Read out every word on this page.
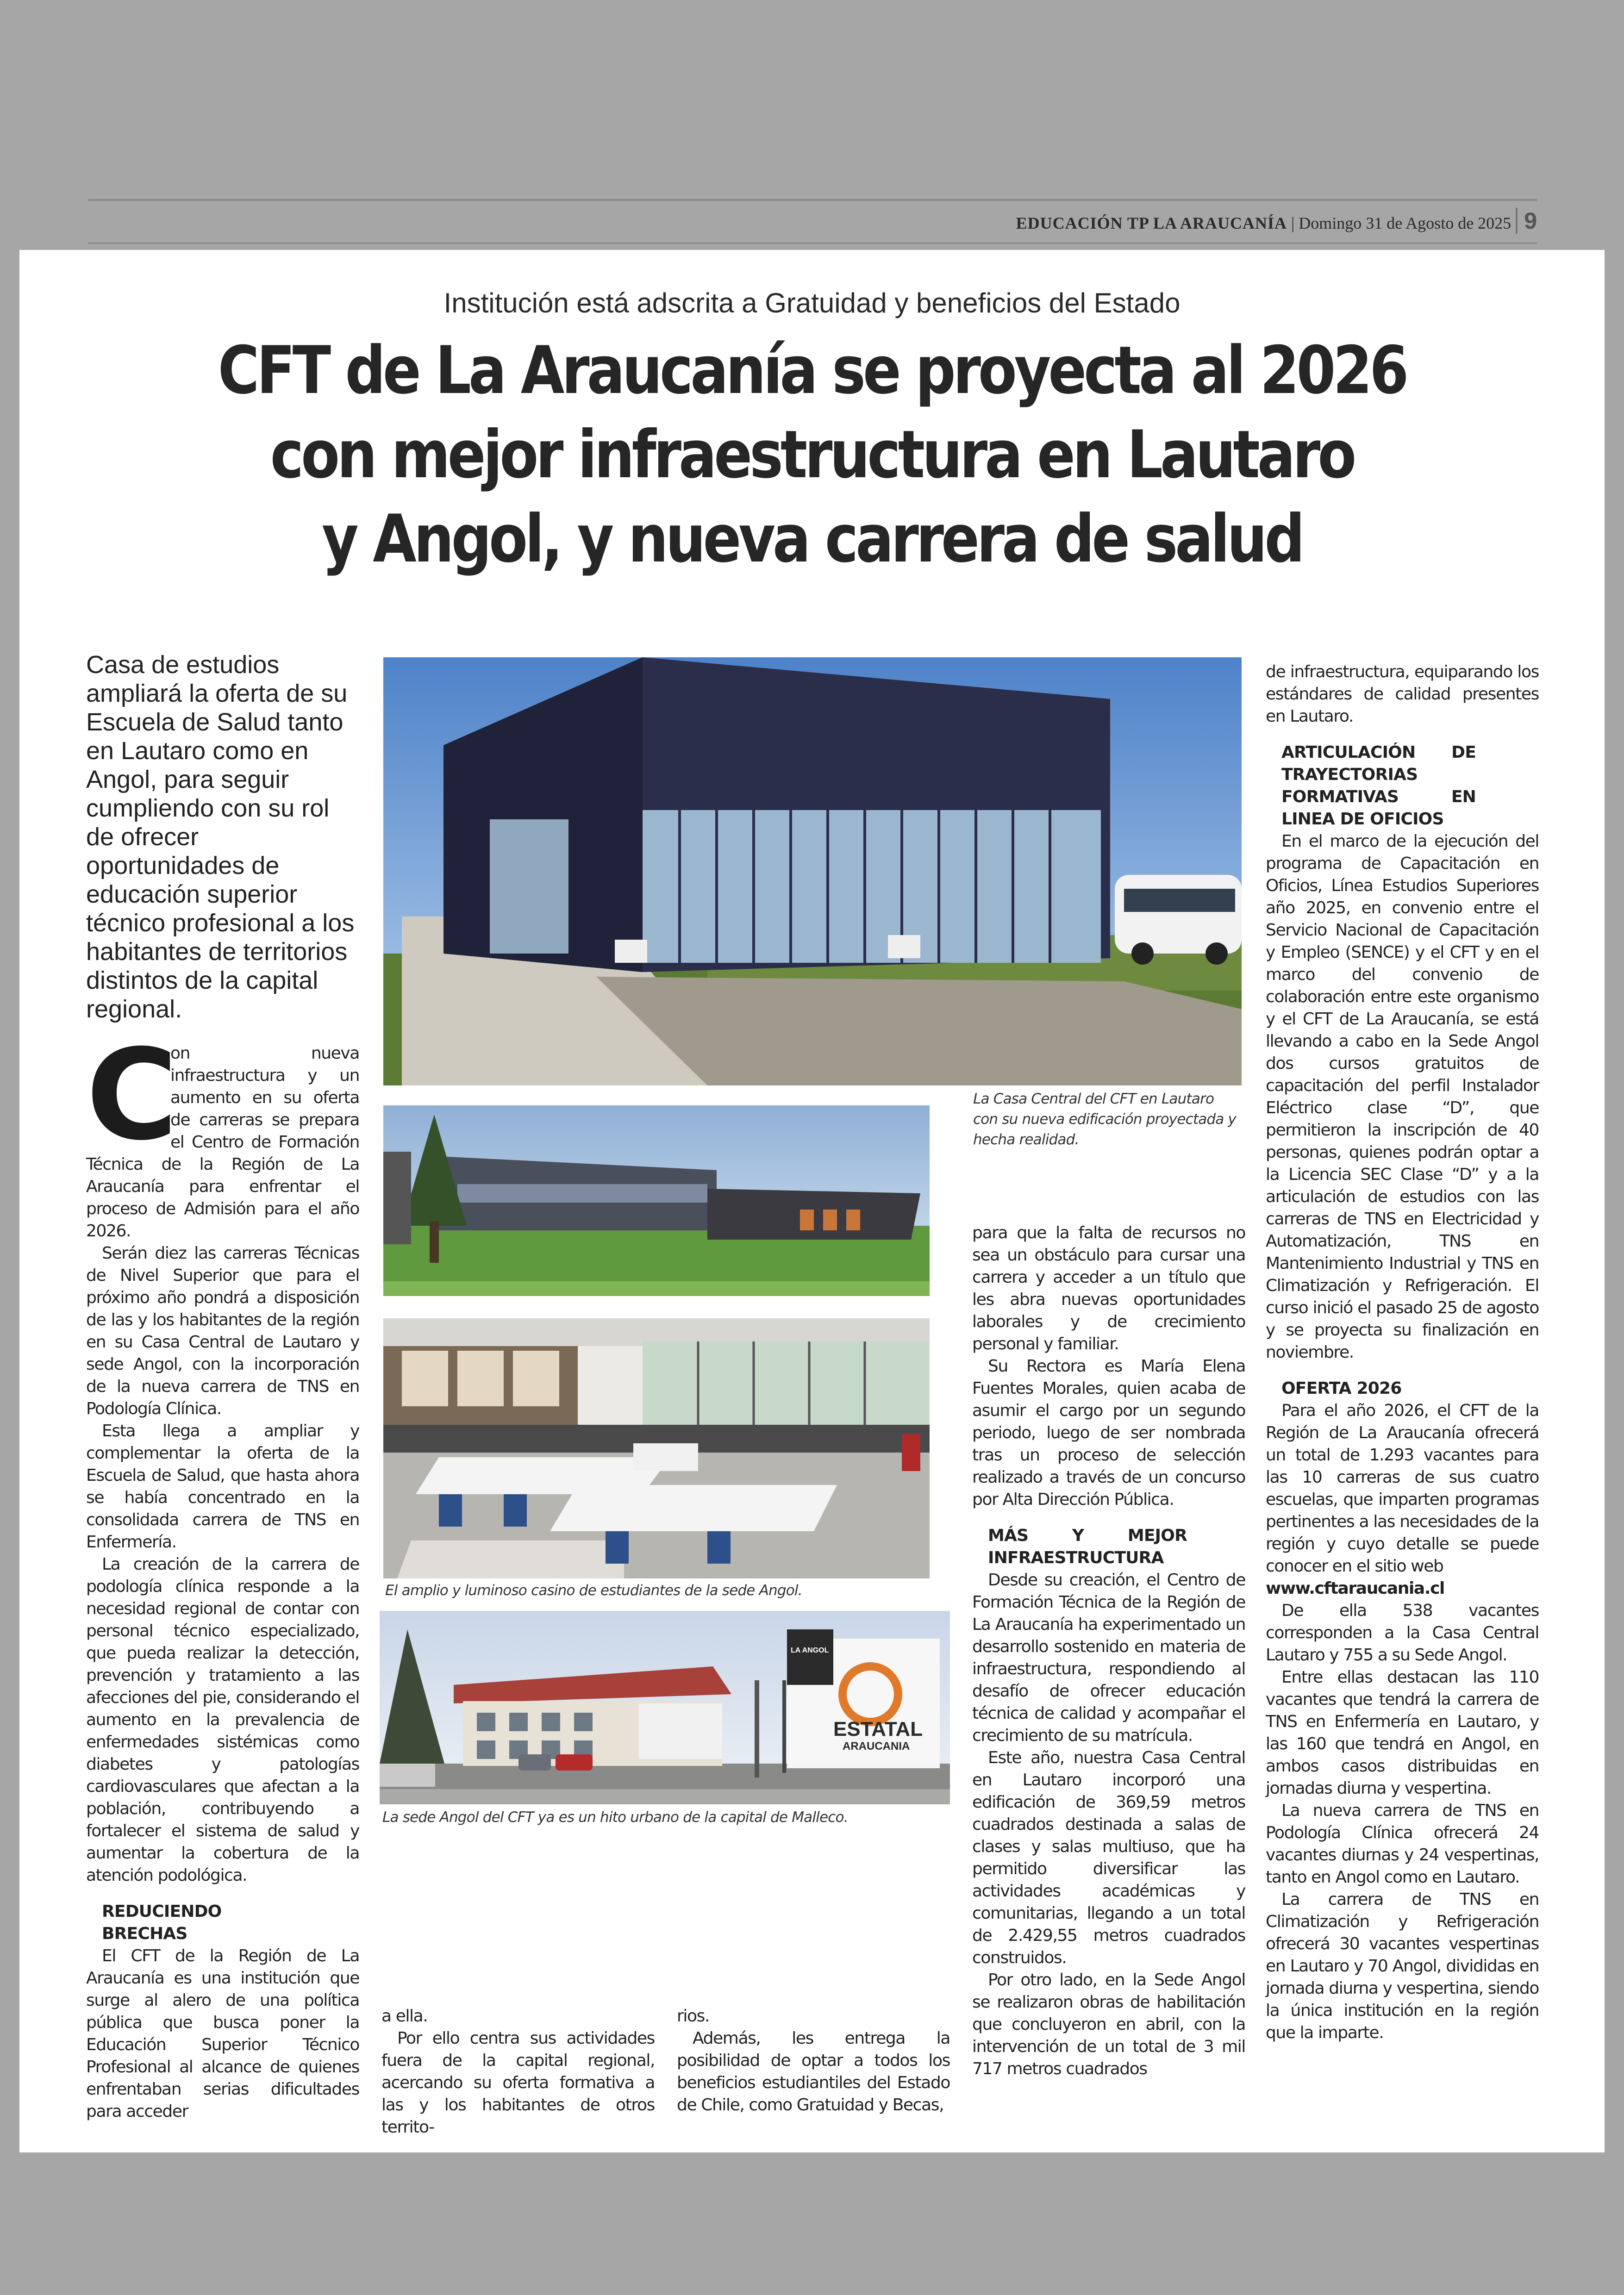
EDUCACIÓN TP LA ARAUCANÍA | Domingo 31 de Agosto de 2025 9
Institución está adscrita a Gratuidad y beneficios del Estado
CFT de La Araucanía se proyecta al 2026
con mejor infraestructura en Lautaro
y Angol, y nueva carrera de salud
Casa de estudios ampliará la oferta de su Escuela de Salud tanto en Lautaro como en Angol, para seguir cumpliendo con su rol de ofrecer oportunidades de educación superior técnico profesional a los habitantes de territorios distintos de la capital regional.
C

on nueva infraestructura y un aumento en su oferta de carreras se prepara el Centro de Formación Técnica de la Región de La Araucanía para enfrentar el proceso de Admisión para el año 2026.

Serán diez las carreras Técnicas de Nivel Superior que para el próximo año pondrá a disposición de las y los habitantes de la región en su Casa Central de Lautaro y sede Angol, con la incorporación de la nueva carrera de TNS en Podología Clínica.

Esta llega a ampliar y complementar la oferta de la Escuela de Salud, que hasta ahora se había concentrado en la consolidada carrera de TNS en Enfermería.

La creación de la carrera de podología clínica responde a la necesidad regional de contar con personal técnico especializado, que pueda realizar la detección, prevención y tratamiento a las afecciones del pie, considerando el aumento en la prevalencia de enfermedades sistémicas como diabetes y patologías cardiovasculares que afectan a la población, contribuyendo a fortalecer el sistema de salud y aumentar la cobertura de la atención podológica.

REDUCIENDO BRECHAS

El CFT de la Región de La Araucanía es una institución que surge al alero de una política pública que busca poner la Educación Superior Técnico Profesional al alcance de quienes enfrentaban serias dificultades para acceder

a ella.

Por ello centra sus actividades fuera de la capital regional, acercando su oferta formativa a las y los habitantes de otros territo-

rios.

Además, les entrega la posibilidad de optar a todos los beneficios estudiantiles del Estado de Chile, como Gratuidad y Becas,

para que la falta de recursos no sea un obstáculo para cursar una carrera y acceder a un título que les abra nuevas oportunidades laborales y de crecimiento personal y familiar.

Su Rectora es María Elena Fuentes Morales, quien acaba de asumir el cargo por un segundo periodo, luego de ser nombrada tras un proceso de selección realizado a través de un concurso por Alta Dirección Pública.

MÁS Y MEJOR INFRAESTRUCTURA

Desde su creación, el Centro de Formación Técnica de la Región de La Araucanía ha experimentado un desarrollo sostenido en materia de infraestructura, respondiendo al desafío de ofrecer educación técnica de calidad y acompañar el crecimiento de su matrícula.

Este año, nuestra Casa Central en Lautaro incorporó una edificación de 369,59 metros cuadrados destinada a salas de clases y salas multiuso, que ha permitido diversificar las actividades académicas y comunitarias, llegando a un total de 2.429,55 metros cuadrados construidos.

Por otro lado, en la Sede Angol se realizaron obras de habilitación que concluyeron en abril, con la intervención de un total de 3 mil 717 metros cuadrados

de infraestructura, equiparando los estándares de calidad presentes en Lautaro.

ARTICULACIÓN DE TRAYECTORIAS FORMATIVAS EN LINEA DE OFICIOS

En el marco de la ejecución del programa de Capacitación en Oficios, Línea Estudios Superiores año 2025, en convenio entre el Servicio Nacional de Capacitación y Empleo (SENCE) y el CFT y en el marco del convenio de colaboración entre este organismo y el CFT de La Araucanía, se está llevando a cabo en la Sede Angol dos cursos gratuitos de capacitación del perfil Instalador Eléctrico clase “D”, que permitieron la inscripción de 40 personas, quienes podrán optar a la Licencia SEC Clase “D” y a la articulación de estudios con las carreras de TNS en Electricidad y Automatización, TNS en Mantenimiento Industrial y TNS en Climatización y Refrigeración. El curso inició el pasado 25 de agosto y se proyecta su finalización en noviembre.

OFERTA 2026

Para el año 2026, el CFT de la Región de La Araucanía ofrecerá un total de 1.293 vacantes para las 10 carreras de sus cuatro escuelas, que imparten programas pertinentes a las necesidades de la región y cuyo detalle se puede conocer en el sitio web

www.cftaraucania.cl

De ella 538 vacantes corresponden a la Casa Central Lautaro y 755 a su Sede Angol.

Entre ellas destacan las 110 vacantes que tendrá la carrera de TNS en Enfermería en Lautaro, y las 160 que tendrá en Angol, en ambos casos distribuidas en jornadas diurna y vespertina.

La nueva carrera de TNS en Podología Clínica ofrecerá 24 vacantes diurnas y 24 vespertinas, tanto en Angol como en Lautaro.

La carrera de TNS en Climatización y Refrigeración ofrecerá 30 vacantes vespertinas en Lautaro y 70 Angol, divididas en jornada diurna y vespertina, siendo la única institución en la región que la imparte.

La Casa Central del CFT en Lautaro con su nueva edificación proyectada y hecha realidad.
El amplio y luminoso casino de estudiantes de la sede Angol.
LA ANGOL
ESTATAL
ARAUCANIA
La sede Angol del CFT ya es un hito urbano de la capital de Malleco.
